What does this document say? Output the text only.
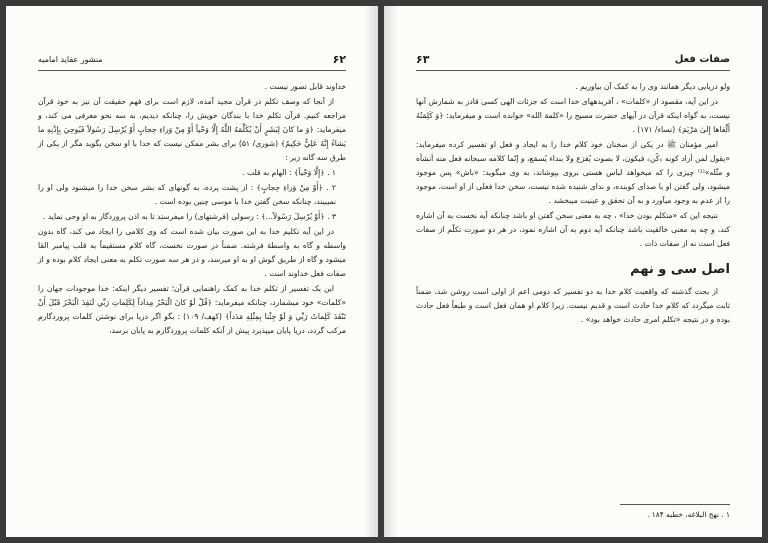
۶۲
منشور عقاید امامیه

خداوند قابل تصور نیست .

از آنجا که وصف تکلم در قرآن مجید آمده، لازم است برای فهم حقیقت آن نیز به خود قرآن مراجعه کنیم. قرآن تکلم خدا با بندگان خویش را، چنانکه دیدیم، به سه نحو معرفی می کند، و میفرماید: ﴿وَ ما كانَ لِبَشَرٍ أَنْ يُكَلِّمَهُ اللَّهُ إِلَّا وَحْياً أَوْ مِنْ وَراءِ حِجابٍ أَوْ يُرْسِلَ رَسُولاً فَيُوحِيَ بِإِذْنِهِ ما يَشاءُ إِنَّهُ عَلِيٌّ حَكِيمٌ﴾ (شوری/ ۵۱) برای بشر ممکن نیست که خدا با او سخن بگوید مگر از یکی از طرق سه گانه زیر :

۱ . ﴿إِلَّا وَحْياً﴾ : الهام به قلب .

۲ . ﴿أَوْ مِنْ وَراءِ حِجابٍ﴾ : از پشت پرده، به گونهای که بشر سخن خدا را میشنود ولی او را نمیبیند، چنانکه سخن گفتن خدا با موسی چنین بوده است .

۳ . ﴿أَوْ يُرْسِلَ رَسُولاً...﴾ : رسولی (فرشتهای) را میفرستد تا به اذن پروردگار به او وحی نماید .

در این آیه تکلیم خدا به این صورت بیان شده است که وی کلامی را ایجاد می کند، گاه بدون واسطه و گاه به واسطهٔ فرشته. ضمناً در صورت نخست، گاه کلام مستقیماً به قلب پیامبر القا میشود و گاه از طریق گوش او به او میرسد، و در هر سه صورت تکلم به معنی ایجاد کلام بوده و از صفات فعل خداوند است .

این یک تفسیر از تکلم خدا به کمک راهنمایی قرآن؛ تفسیر دیگر اینکه: خدا موجودات جهان را «کلمات» خود میشمارد، چنانکه میفرماید: ﴿قُلْ لَوْ كانَ الْبَحْرُ مِداداً لِكَلِماتِ رَبِّي لَنَفِدَ الْبَحْرُ قَبْلَ أَنْ تَنْفَدَ كَلِماتُ رَبِّي وَ لَوْ جِئْنا بِمِثْلِهِ مَدَداً﴾ (کهف/ ۱۰۹) : بگو اگر دریا برای نوشتن کلمات پروردگارم مرکب گردد، دریا پایان میپذیرد پیش از آنکه کلمات پروردگارم به پایان برسد،

۶۳	صفات فعل

ولو دریایی دیگر همانند وی را به کمک آن بیاوریم .

در این آیه، مقصود از «کلمات» ، آفریدههای خدا است که جزئات الهی کسی قادر به شمارش آنها نیست، به گواه اینکه قرآن در آیهای حضرت مسیح را «کلمة الله» خوانده است و میفرماید: ﴿وَ كَلِمَتُهُ أَلْقاها إِلىٰ مَرْيَمَ﴾ (نساء/ ۱۷۱) .

امیر مؤمنان ﷺ در یکی از سخنان خود کلام خدا را به ایجاد و فعل او تفسیر کرده میفرماید: «یقول لمن أراد کونه ﴿کُن﴾ فیکون، لا بصوت یُقرَع ولا بنداء یُسمَع، و إنّما کلامه سبحانه فعل منه أنشأه و مثّله»⁽¹⁾ چیزی را که میخواهد لباس هستی بروی بپوشاند، به وی میگوید: «باش» پس موجود میشود، ولی گفتن او با صدای کوبنده، و ندای شنیده شده نیست، سخن خدا فعلی از او است، موجود را از عدم به وجود میآورد و به آن تحقق و عینیت میبخشد .

نتیجه این که «متکلم بودن خدا» ، چه به معنی سخن گفتن او باشد چنانکه آیه نخست به آن اشاره کند، و چه به معنی خالقیت باشد چنانکه آیه دوم به آن اشاره نمود، در هر دو صورت تکلّم از صفات فعل است نه از صفات ذات .

اصل سی و نهم

از بحث گذشته که واقعیت کلام خدا به دو تفسیر که دومی اعم از اولی است روشن شد، ضمناً ثابت میگردد که کلام خدا حادث است و قدیم نیست. زیرا کلام او همان فعل است و طبعاً فعل حادث بوده و در نتیجه «تکلم امری حادث خواهد بود» .

۱ . نهج البلاغه، خطبه ۱۸۴ .
